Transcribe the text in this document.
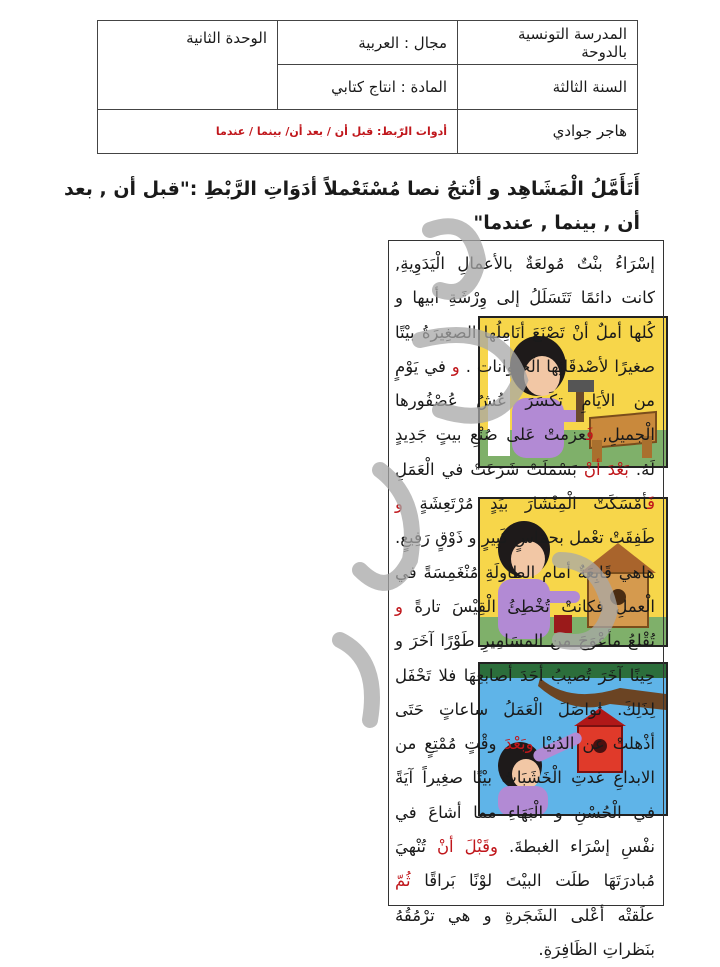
المدرسة التونسية بالدوحة	مجال : العربية	الوحدة الثانية
السنة الثالثة	المادة : انتاج كتابي	
هاجر جوادي	أدوات الرّبط: قبل أن / بعد أن/ بينما / عندما	
أَتَأَمَّلُ الْمَشَاهِد و أنْتجُ نصا مُسْتَعْملاً أدَوَاتِ الرَّبْطِ :"قبل أن , بعد أن , بينما , عندما"
إسْرَاءُ بنْتٌ مُولعَةٌ بالأعمالِ الْيَدَوِيةِ, كانت دائمًا تَتَسَلَلُ إلى وِرْشَةِ أبيها و كُلها أملٌ أنْ تَصْنَعَ أنَامِلُها الصغِيرَةُ بيْتًا صغيرًا لأصْدقَائِها الْحيَوانات . و في يَوْمٍ من الأيَامِ تكَسَرَ عُشُ عُصْفُورها الْجميلِ, فَعزمتْ عَلى صُنْعِ بيتٍ جَدِيدٍ لَهُ. بَعْدَ أنْ بَسْمَلَتْ شَرَعَتْ في الْعَمَلِ فَأمْسَكَتْ الْمِنْشَارَ بيَدٍ مُرْتَعِشَةٍ و طَفِقَتْ تعْمل بحمَاسٍ كَبِيرٍ و ذَوْقٍ رَفِيعٍ. هاهي قَابِعَةٌ أمام الطاولَةِ مُنْغَمِسَةً في الْعملِ فكانتْ تُخْطِئُ الْقِيْسَ تارةً و تُقْلعُ مأعْوَجَ من المسَامِيرِ طَوْرًا آخَرَ و حِينًا آخَرَ تُصيبُ أحَدَ أصابعِهَا فلا تَحْفَل لِذَلِكَ. تواصَلَ الْعَمَلُ ساعاتٍ حَتَى أذْهلتْ عن الدُنيْا وبَعْدَ وقْتٍ مُمْتِعٍ من الابداعِ غدتِ الْخَشَبَاتُ بيْتًا صغِيراً آيَةً في الْحُسْنِ و الْبَهَاءِ مما أشاعَ في نفْسِ إسْرَاء الغبطةَ. وقَبْلَ أنْ تُنْهيَ مُبادرَتَهَا طلَت البيْتَ لوْنًا بَراقًا ثُمّ علَقتْه أعْلى الشَجَرةِ و هي ترْمُقُهُ بنَظراتِ الظَافِرَةِ.
